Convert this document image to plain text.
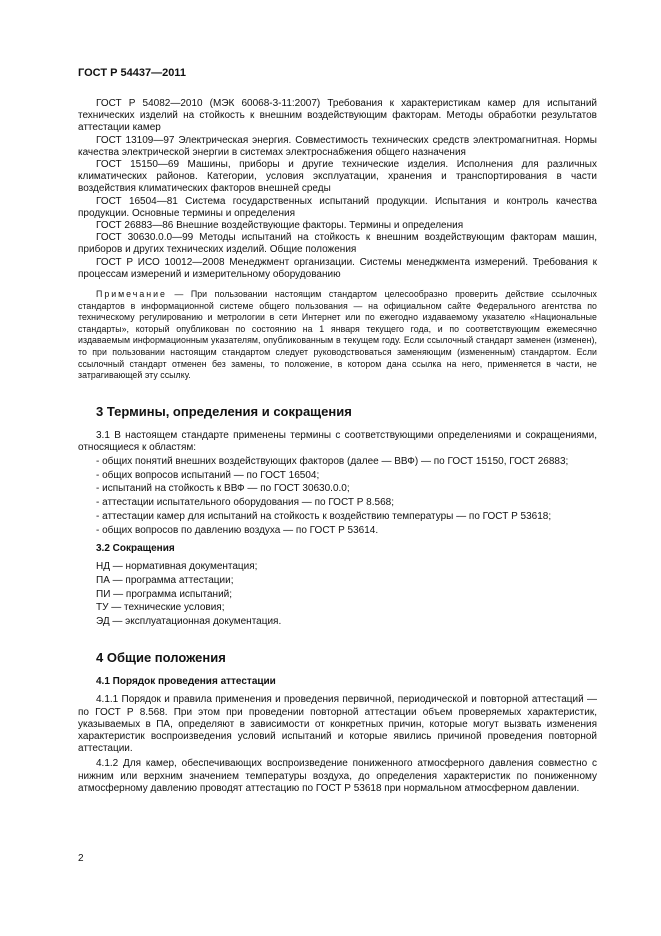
ГОСТ Р 54437—2011

ГОСТ Р 54082—2010 (МЭК 60068-3-11:2007) Требования к характеристикам камер для испытаний технических изделий на стойкость к внешним воздействующим факторам. Методы обработки результатов аттестации камер

ГОСТ 13109—97 Электрическая энергия. Совместимость технических средств электромагнитная. Нормы качества электрической энергии в системах электроснабжения общего назначения

ГОСТ 15150—69 Машины, приборы и другие технические изделия. Исполнения для различных климатических районов. Категории, условия эксплуатации, хранения и транспортирования в части воздействия климатических факторов внешней среды

ГОСТ 16504—81 Система государственных испытаний продукции. Испытания и контроль качества продукции. Основные термины и определения

ГОСТ 26883—86 Внешние воздействующие факторы. Термины и определения

ГОСТ 30630.0.0—99 Методы испытаний на стойкость к внешним воздействующим факторам машин, приборов и других технических изделий. Общие положения

ГОСТ Р ИСО 10012—2008 Менеджмент организации. Системы менеджмента измерений. Требования к процессам измерений и измерительному оборудованию

Примечание — При пользовании настоящим стандартом целесообразно проверить действие ссылочных стандартов в информационной системе общего пользования — на официальном сайте Федерального агентства по техническому регулированию и метрологии в сети Интернет или по ежегодно издаваемому указателю «Национальные стандарты», который опубликован по состоянию на 1 января текущего года, и по соответствующим ежемесячно издаваемым информационным указателям, опубликованным в текущем году. Если ссылочный стандарт заменен (изменен), то при пользовании настоящим стандартом следует руководствоваться заменяющим (измененным) стандартом. Если ссылочный стандарт отменен без замены, то положение, в котором дана ссылка на него, применяется в части, не затрагивающей эту ссылку.

3 Термины, определения и сокращения

3.1 В настоящем стандарте применены термины с соответствующими определениями и сокращениями, относящиеся к областям:

- общих понятий внешних воздействующих факторов (далее — ВВФ) — по ГОСТ 15150, ГОСТ 26883;

- общих вопросов испытаний — по ГОСТ 16504;

- испытаний на стойкость к ВВФ — по ГОСТ 30630.0.0;

- аттестации испытательного оборудования — по ГОСТ Р 8.568;

- аттестации камер для испытаний на стойкость к воздействию температуры — по ГОСТ Р 53618;

- общих вопросов по давлению воздуха — по ГОСТ Р 53614.

3.2 Сокращения

НД — нормативная документация;

ПА — программа аттестации;

ПИ — программа испытаний;

ТУ — технические условия;

ЭД — эксплуатационная документация.

4 Общие положения
4.1 Порядок проведения аттестации

4.1.1 Порядок и правила применения и проведения первичной, периодической и повторной аттестаций — по ГОСТ Р 8.568. При этом при проведении повторной аттестации объем проверяемых характеристик, указываемых в ПА, определяют в зависимости от конкретных причин, которые могут вызвать изменения характеристик воспроизведения условий испытаний и которые явились причиной проведения повторной аттестации.

4.1.2 Для камер, обеспечивающих воспроизведение пониженного атмосферного давления совместно с нижним или верхним значением температуры воздуха, до определения характеристик по пониженному атмосферному давлению проводят аттестацию по ГОСТ Р 53618 при нормальном атмосферном давлении.

2
